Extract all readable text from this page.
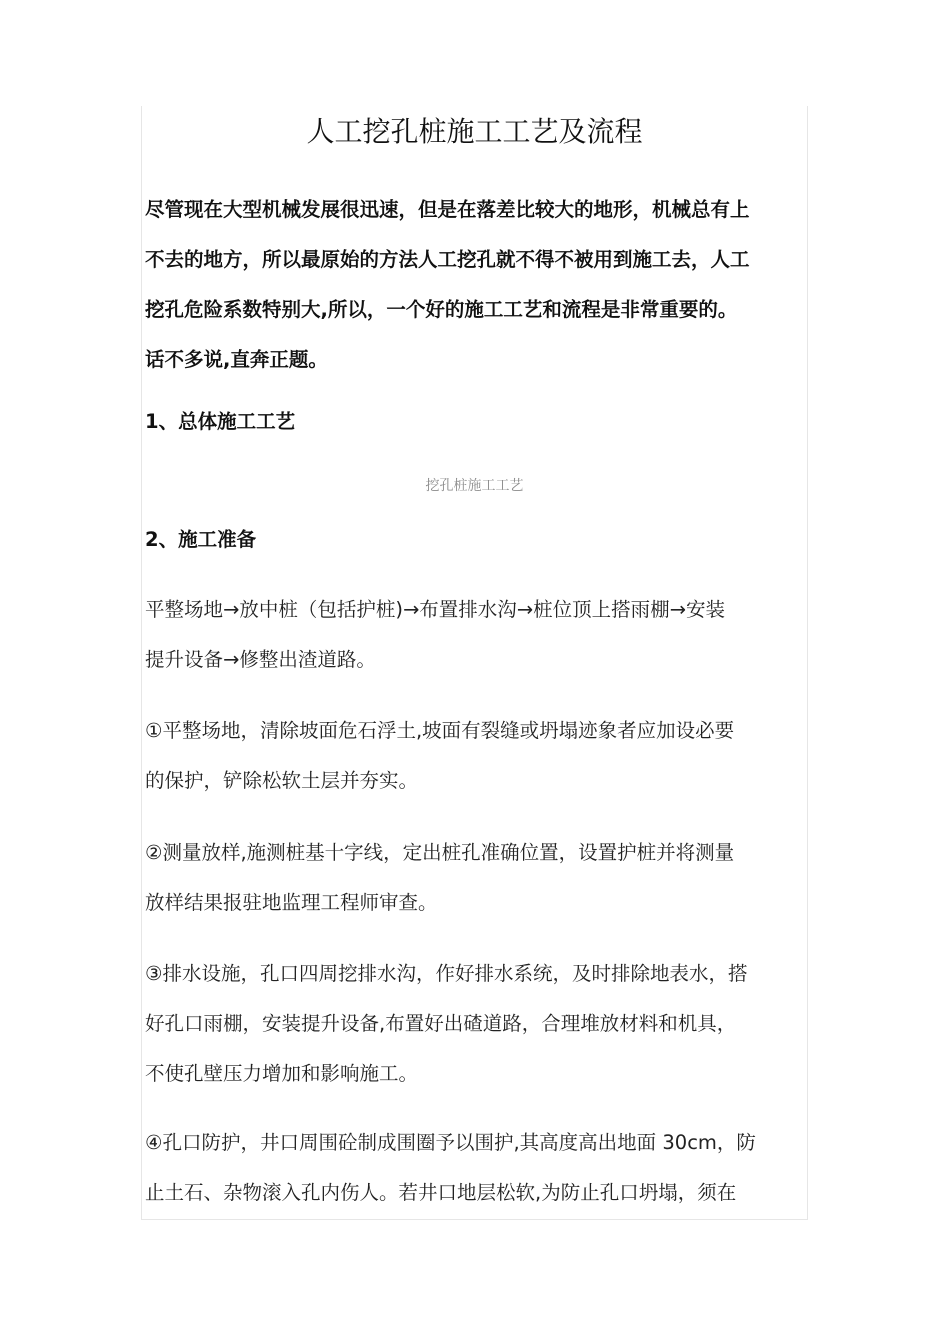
人工挖孔桩施工工艺及流程
尽管现在大型机械发展很迅速，但是在落差比较大的地形，机械总有上
不去的地方，所以最原始的方法人工挖孔就不得不被用到施工去，人工
挖孔危险系数特别大,所以，一个好的施工工艺和流程是非常重要的。
话不多说,直奔正题。
1、总体施工工艺
挖孔桩施工工艺
2、施工准备
平整场地→放中桩（包括护桩)→布置排水沟→桩位顶上搭雨棚→安装
提升设备→修整出渣道路。
①平整场地，清除坡面危石浮土,坡面有裂缝或坍塌迹象者应加设必要
的保护，铲除松软土层并夯实。
②测量放样,施测桩基十字线，定出桩孔准确位置，设置护桩并将测量
放样结果报驻地监理工程师审查。
③排水设施，孔口四周挖排水沟，作好排水系统，及时排除地表水，搭
好孔口雨棚，安装提升设备,布置好出碴道路，合理堆放材料和机具，
不使孔壁压力增加和影响施工。
④孔口防护，井口周围砼制成围圈予以围护,其高度高出地面 30cm，防
止土石、杂物滚入孔内伤人。若井口地层松软,为防止孔口坍塌，须在
